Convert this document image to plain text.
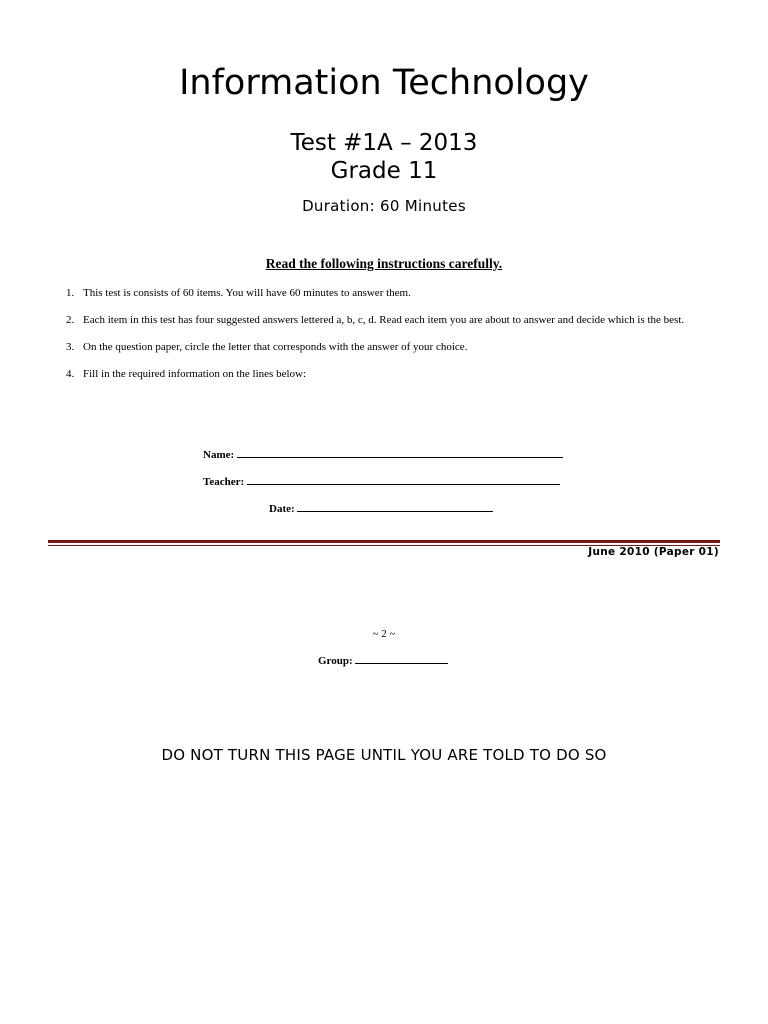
Information Technology
Test #1A – 2013
Grade 11
Duration: 60 Minutes
Read the following instructions carefully.
1. This test is consists of 60 items. You will have 60 minutes to answer them.
2. Each item in this test has four suggested answers lettered a, b, c, d. Read each item you are about to answer and decide which is the best.
3. On the question paper, circle the letter that corresponds with the answer of your choice.
4. Fill in the required information on the lines below:
Name:
Teacher:
Date:
June 2010 (Paper 01)
~ 2 ~
Group:
DO NOT TURN THIS PAGE UNTIL YOU ARE TOLD TO DO SO
